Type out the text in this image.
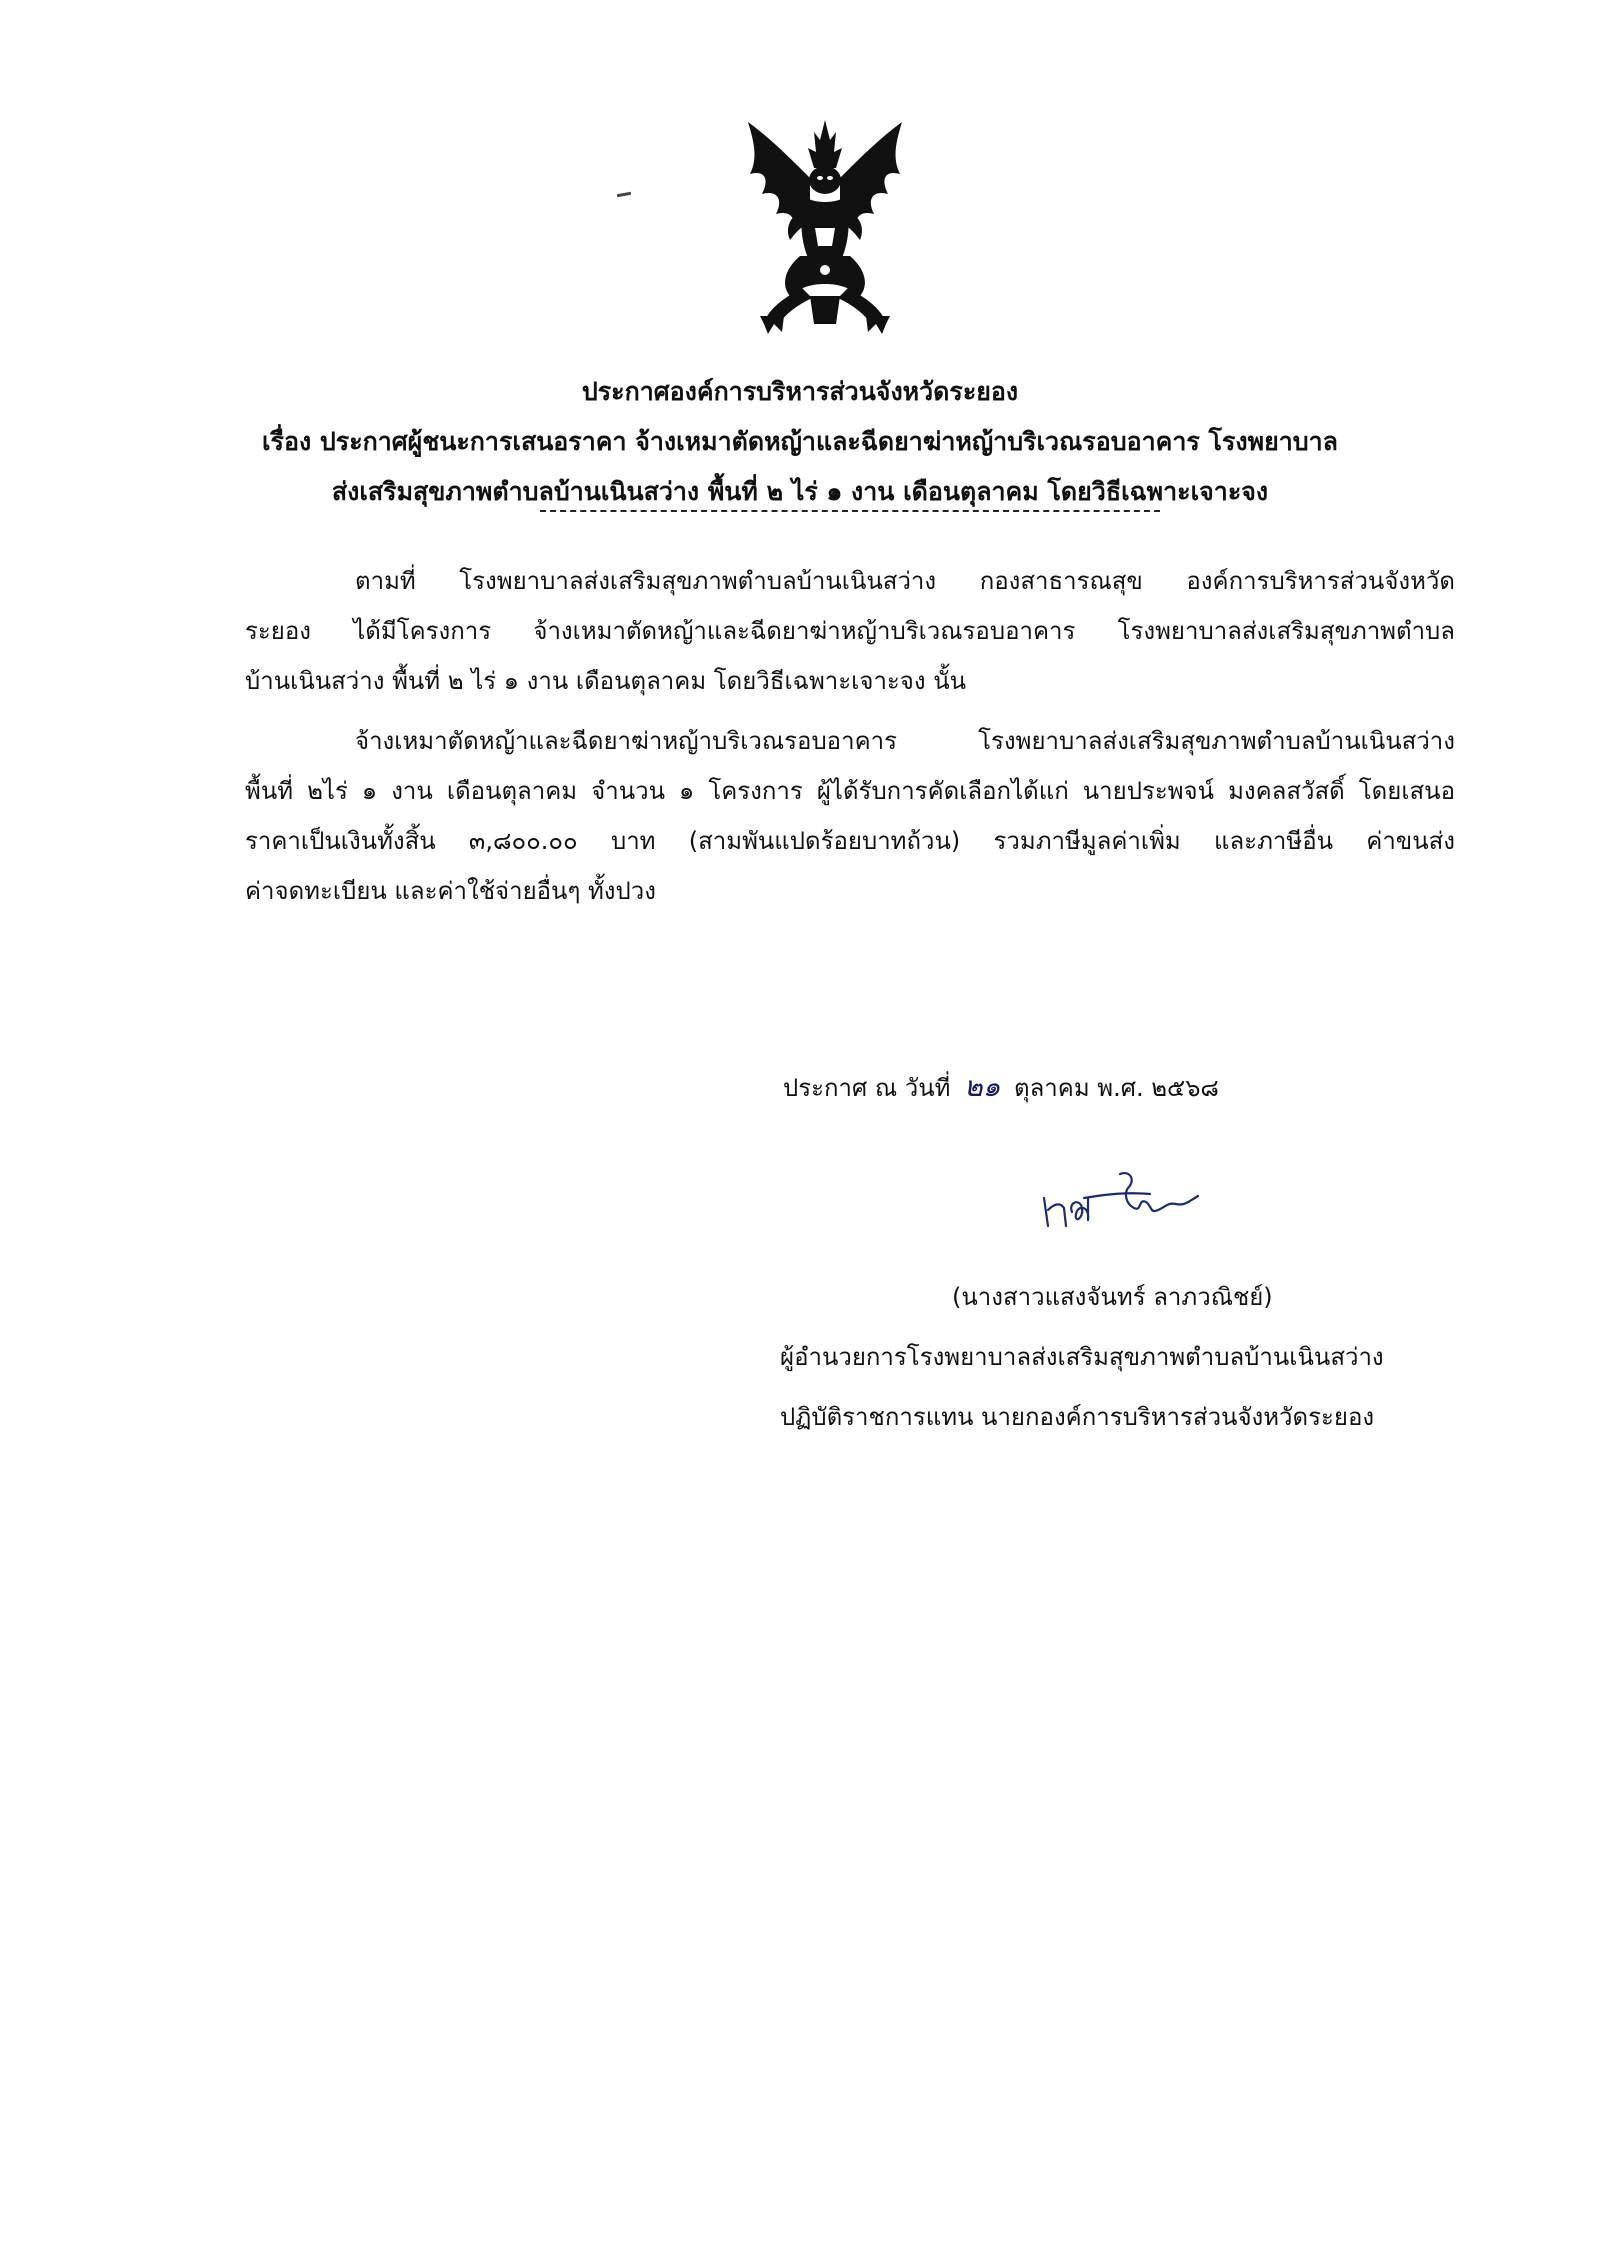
ประกาศองค์การบริหารส่วนจังหวัดระยอง
เรื่อง ประกาศผู้ชนะการเสนอราคา จ้างเหมาตัดหญ้าและฉีดยาฆ่าหญ้าบริเวณรอบอาคาร โรงพยาบาล
ส่งเสริมสุขภาพตำบลบ้านเนินสว่าง พื้นที่ ๒ ไร่ ๑ งาน เดือนตุลาคม โดยวิธีเฉพาะเจาะจง
ตามที่ โรงพยาบาลส่งเสริมสุขภาพตำบลบ้านเนินสว่าง กองสาธารณสุข องค์การบริหารส่วนจังหวัด
ระยอง ได้มีโครงการ จ้างเหมาตัดหญ้าและฉีดยาฆ่าหญ้าบริเวณรอบอาคาร โรงพยาบาลส่งเสริมสุขภาพตำบล
บ้านเนินสว่าง พื้นที่ ๒ ไร่ ๑ งาน เดือนตุลาคม โดยวิธีเฉพาะเจาะจง นั้น
จ้างเหมาตัดหญ้าและฉีดยาฆ่าหญ้าบริเวณรอบอาคาร โรงพยาบาลส่งเสริมสุขภาพตำบลบ้านเนินสว่าง
พื้นที่ ๒ไร่ ๑ งาน เดือนตุลาคม จำนวน ๑ โครงการ ผู้ได้รับการคัดเลือกได้แก่ นายประพจน์ มงคลสวัสดิ์ โดยเสนอ
ราคาเป็นเงินทั้งสิ้น ๓,๘๐๐.๐๐ บาท (สามพันแปดร้อยบาทถ้วน) รวมภาษีมูลค่าเพิ่ม และภาษีอื่น ค่าขนส่ง
ค่าจดทะเบียน และค่าใช้จ่ายอื่นๆ ทั้งปวง
ประกาศ ณ วันที่ ๒๑ ตุลาคม พ.ศ. ๒๕๖๘
(นางสาวแสงจันทร์ ลาภวณิชย์)
ผู้อำนวยการโรงพยาบาลส่งเสริมสุขภาพตำบลบ้านเนินสว่าง
ปฏิบัติราชการแทน นายกองค์การบริหารส่วนจังหวัดระยอง
